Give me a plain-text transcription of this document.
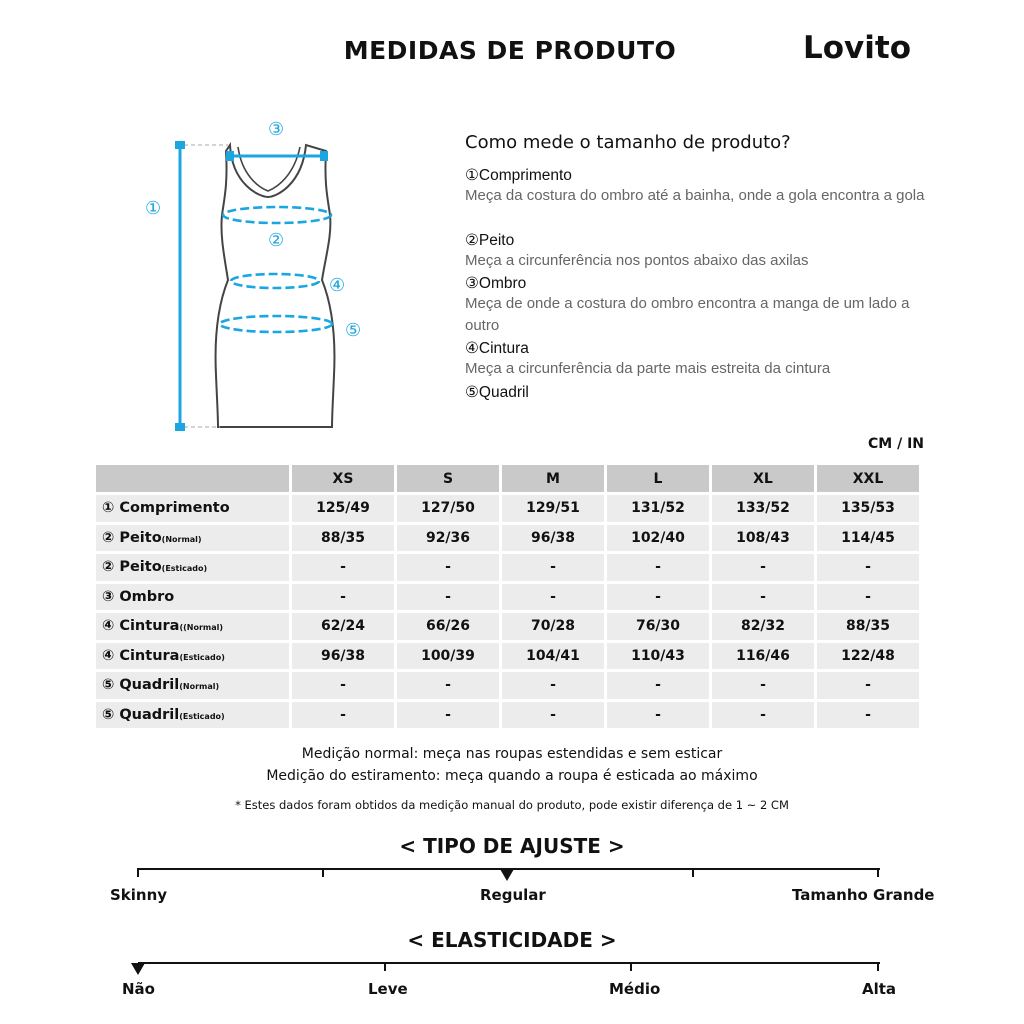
MEDIDAS DE PRODUTO	Lovito
①
②
③
④
⑤
Como mede o tamanho de produto?
①Comprimento
Meça da costura do ombro até a bainha, onde a gola encontra a gola
②Peito
Meça a circunferência nos pontos abaixo das axilas
③Ombro
Meça de onde a costura do ombro encontra a manga de um lado a outro
④Cintura
Meça a circunferência da parte mais estreita da cintura
⑤Quadril
CM / IN
	XS	S	M	L	XL	XXL
① Comprimento	125/49	127/50	129/51	131/52	133/52	135/53
② Peito(Normal)	88/35	92/36	96/38	102/40	108/43	114/45
② Peito(Esticado)	-	-	-	-	-	-
③ Ombro	-	-	-	-	-	-
④ Cintura((Normal)	62/24	66/26	70/28	76/30	82/32	88/35
④ Cintura(Esticado)	96/38	100/39	104/41	110/43	116/46	122/48
⑤ Quadril(Normal)	-	-	-	-	-	-
⑤ Quadril(Esticado)	-	-	-	-	-	-
Medição normal: meça nas roupas estendidas e sem esticar
Medição do estiramento: meça quando a roupa é esticada ao máximo
* Estes dados foram obtidos da medição manual do produto, pode existir diferença de 1 ~ 2 CM
< TIPO DE AJUSTE >
Skinny	Regular	Tamanho Grande
< ELASTICIDADE >
Não	Leve	Médio	Alta
